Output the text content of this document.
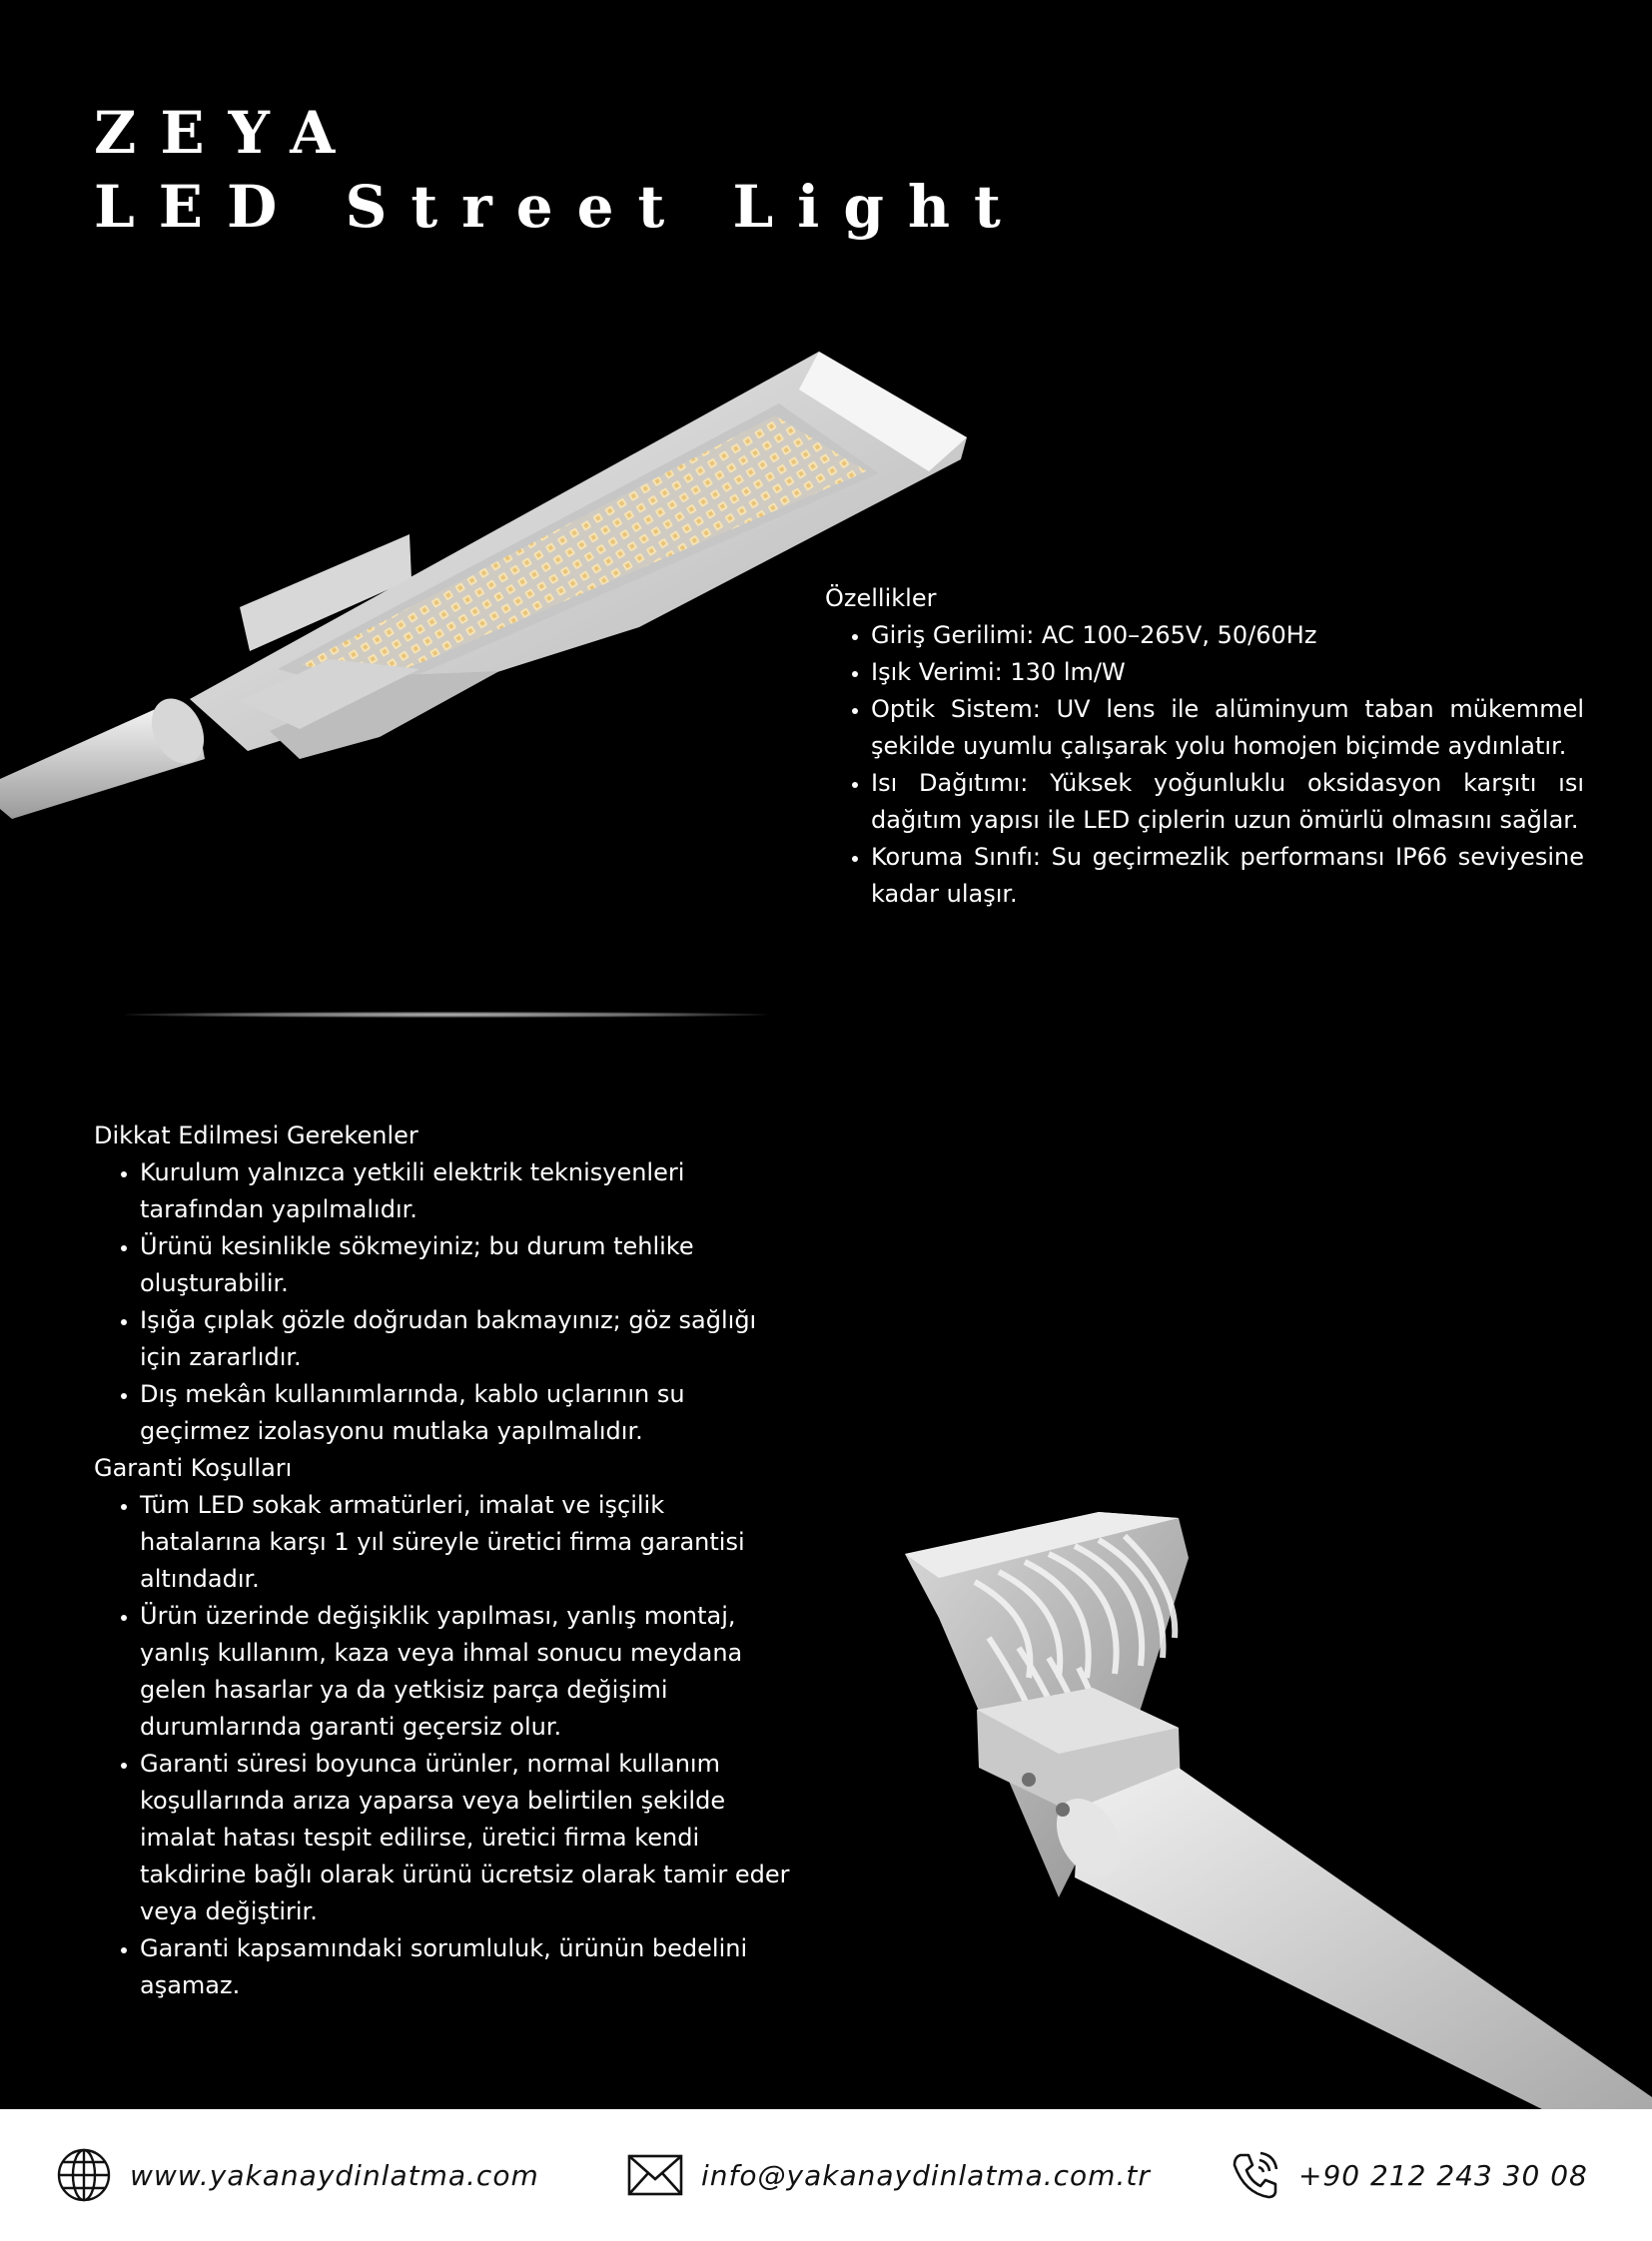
ZEYA
LED Street Light
Özellikler
• Giriş Gerilimi: AC 100–265V, 50/60Hz
• Işık Verimi: 130 lm/W
• Optik Sistem: UV lens ile alüminyum taban mükemmel şekilde uyumlu çalışarak yolu homojen biçimde aydınlatır.
• Isı Dağıtımı: Yüksek yoğunluklu oksidasyon karşıtı ısı dağıtım yapısı ile LED çiplerin uzun ömürlü olmasını sağlar.
• Koruma Sınıfı: Su geçirmezlik performansı IP66 seviyesine kadar ulaşır.
Dikkat Edilmesi Gerekenler
• Kurulum yalnızca yetkili elektrik teknisyenleri tarafından yapılmalıdır.
• Ürünü kesinlikle sökmeyiniz; bu durum tehlike oluşturabilir.
• Işığa çıplak gözle doğrudan bakmayınız; göz sağlığı için zararlıdır.
• Dış mekân kullanımlarında, kablo uçlarının su geçirmez izolasyonu mutlaka yapılmalıdır.
Garanti Koşulları
• Tüm LED sokak armatürleri, imalat ve işçilik hatalarına karşı 1 yıl süreyle üretici firma garantisi altındadır.
• Ürün üzerinde değişiklik yapılması, yanlış montaj, yanlış kullanım, kaza veya ihmal sonucu meydana gelen hasarlar ya da yetkisiz parça değişimi durumlarında garanti geçersiz olur.
• Garanti süresi boyunca ürünler, normal kullanım koşullarında arıza yaparsa veya belirtilen şekilde imalat hatası tespit edilirse, üretici firma kendi takdirine bağlı olarak ürünü ücretsiz olarak tamir eder veya değiştirir.
• Garanti kapsamındaki sorumluluk, ürünün bedelini aşamaz.
www.yakanaydinlatma.com	info@yakanaydinlatma.com.tr	+90 212 243 30 08
